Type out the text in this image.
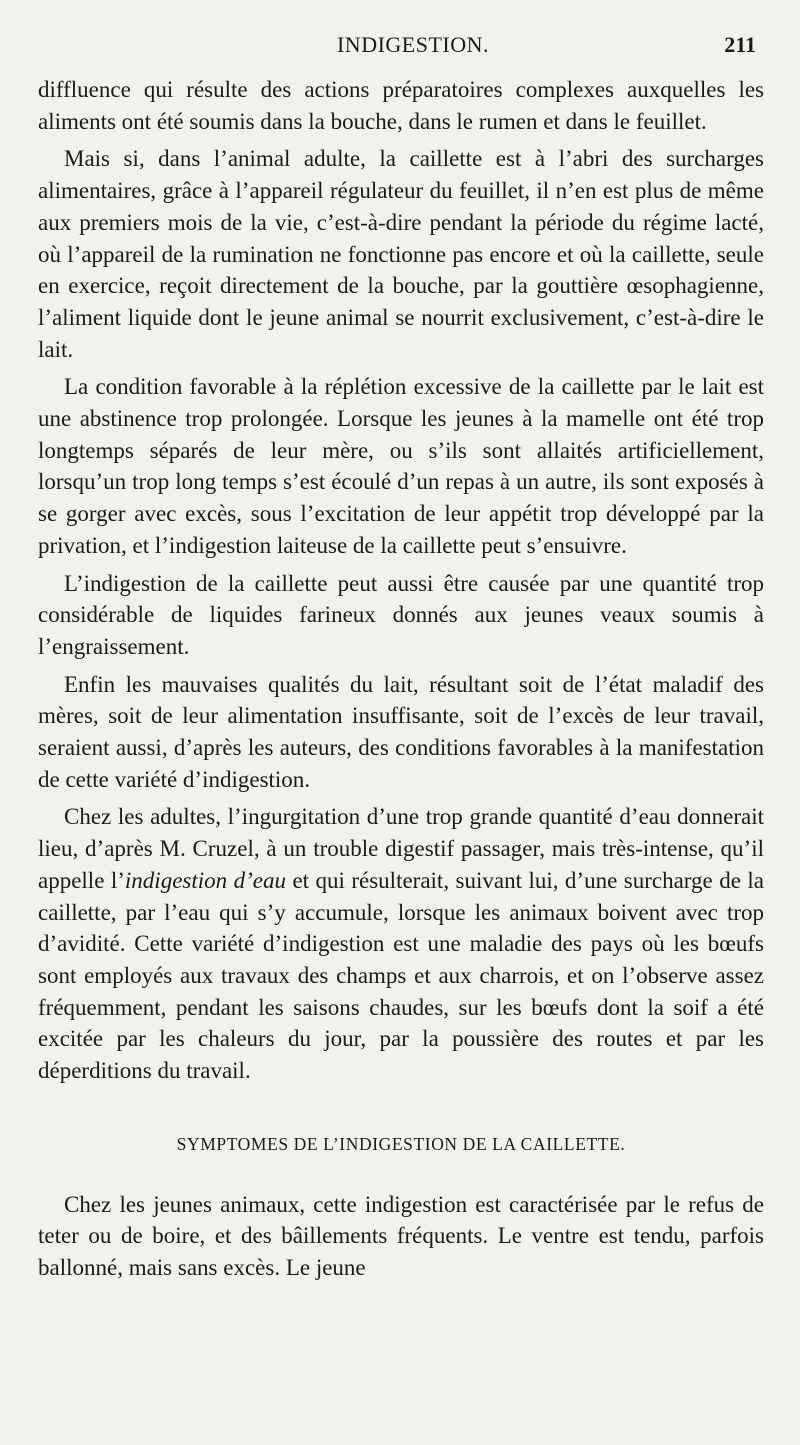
INDIGESTION.	211

diffluence qui résulte des actions préparatoires complexes auxquelles les aliments ont été soumis dans la bouche, dans le rumen et dans le feuillet.

Mais si, dans l’animal adulte, la caillette est à l’abri des surcharges alimentaires, grâce à l’appareil régulateur du feuillet, il n’en est plus de même aux premiers mois de la vie, c’est-à-dire pendant la période du régime lacté, où l’appareil de la rumination ne fonctionne pas encore et où la caillette, seule en exercice, reçoit directement de la bouche, par la gouttière œsophagienne, l’aliment liquide dont le jeune animal se nourrit exclusivement, c’est-à-dire le lait.

La condition favorable à la réplétion excessive de la caillette par le lait est une abstinence trop prolongée. Lorsque les jeunes à la mamelle ont été trop longtemps séparés de leur mère, ou s’ils sont allaités artificiellement, lorsqu’un trop long temps s’est écoulé d’un repas à un autre, ils sont exposés à se gorger avec excès, sous l’excitation de leur appétit trop développé par la privation, et l’indigestion laiteuse de la caillette peut s’ensuivre.

L’indigestion de la caillette peut aussi être causée par une quantité trop considérable de liquides farineux donnés aux jeunes veaux soumis à l’engraissement.

Enfin les mauvaises qualités du lait, résultant soit de l’état maladif des mères, soit de leur alimentation insuffisante, soit de l’excès de leur travail, seraient aussi, d’après les auteurs, des conditions favorables à la manifestation de cette variété d’indigestion.

Chez les adultes, l’ingurgitation d’une trop grande quantité d’eau donnerait lieu, d’après M. Cruzel, à un trouble digestif passager, mais très-intense, qu’il appelle l’indigestion d’eau et qui résulterait, suivant lui, d’une surcharge de la caillette, par l’eau qui s’y accumule, lorsque les animaux boivent avec trop d’avidité. Cette variété d’indigestion est une maladie des pays où les bœufs sont employés aux travaux des champs et aux charrois, et on l’observe assez fréquemment, pendant les saisons chaudes, sur les bœufs dont la soif a été excitée par les chaleurs du jour, par la poussière des routes et par les déperditions du travail.

SYMPTOMES DE L’INDIGESTION DE LA CAILLETTE.

Chez les jeunes animaux, cette indigestion est caractérisée par le refus de teter ou de boire, et des bâillements fréquents. Le ventre est tendu, parfois ballonné, mais sans excès. Le jeune
